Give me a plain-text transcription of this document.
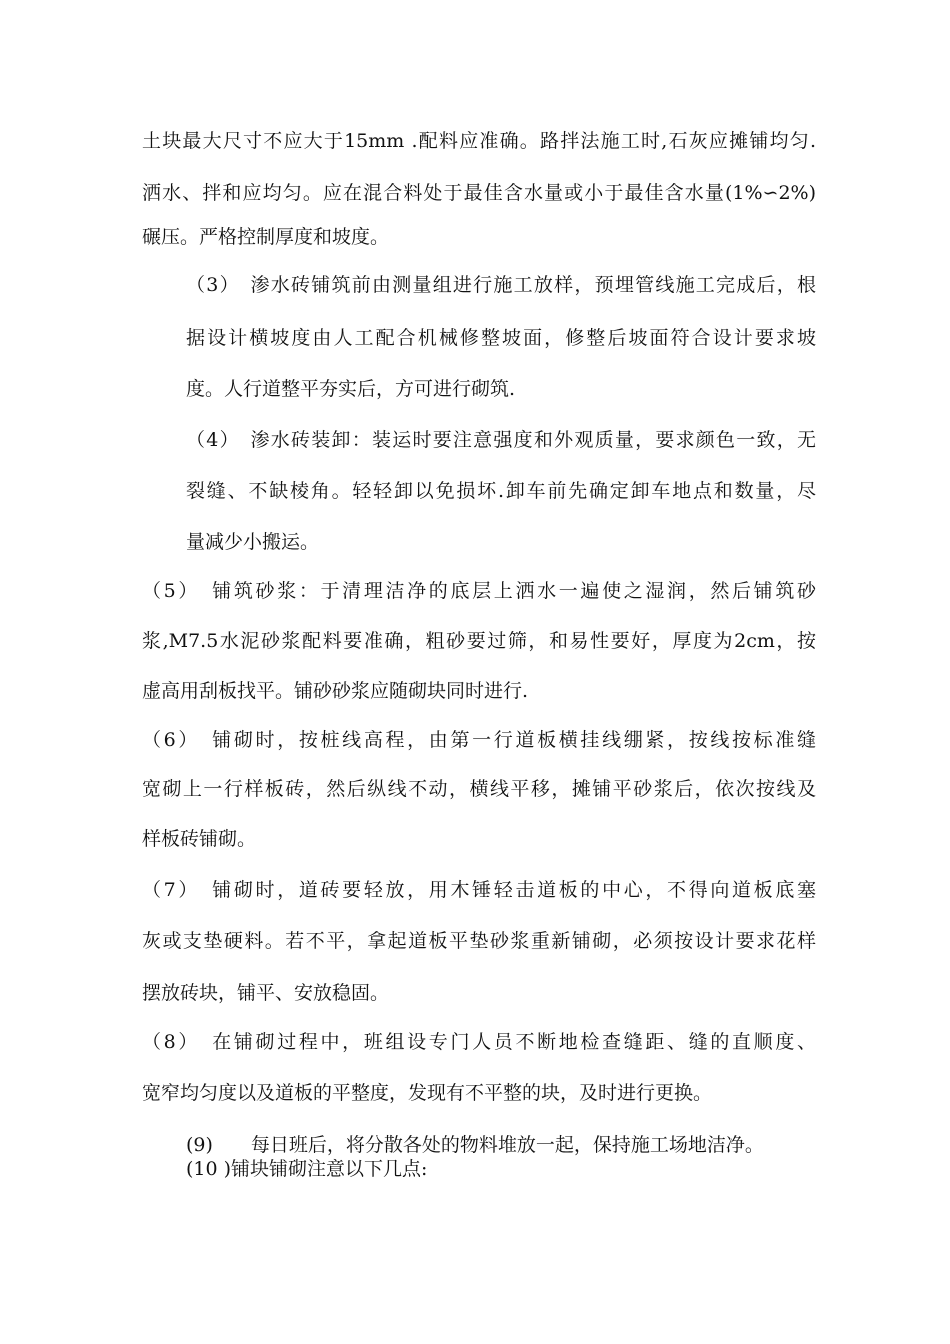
土块最大尺寸不应大于15mm .配料应准确。路拌法施工时,石灰应摊铺均匀.
洒水、拌和应均匀。应在混合料处于最佳含水量或小于最佳含水量(1%∽2%)
碾压。严格控制厚度和坡度。
（3）　渗水砖铺筑前由测量组进行施工放样，预埋管线施工完成后，根
据设计横坡度由人工配合机械修整坡面，修整后坡面符合设计要求坡
度。人行道整平夯实后，方可进行砌筑.
（4）　渗水砖装卸：装运时要注意强度和外观质量，要求颜色一致，无
裂缝、不缺棱角。轻轻卸以免损坏.卸车前先确定卸车地点和数量，尽
量减少小搬运。
（5）　铺筑砂浆：于清理洁净的底层上洒水一遍使之湿润，然后铺筑砂
浆,M7.5水泥砂浆配料要准确，粗砂要过筛，和易性要好，厚度为2cm，按
虚高用刮板找平。铺砂砂浆应随砌块同时进行.
（6）　铺砌时，按桩线高程，由第一行道板横挂线绷紧，按线按标准缝
宽砌上一行样板砖，然后纵线不动，横线平移，摊铺平砂浆后，依次按线及
样板砖铺砌。
（7）　铺砌时，道砖要轻放，用木锤轻击道板的中心，不得向道板底塞
灰或支垫硬料。若不平，拿起道板平垫砂浆重新铺砌，必须按设计要求花样
摆放砖块，铺平、安放稳固。
（8）　在铺砌过程中，班组设专门人员不断地检查缝距、缝的直顺度、
宽窄均匀度以及道板的平整度，发现有不平整的块，及时进行更换。
(9)　　每日班后，将分散各处的物料堆放一起，保持施工场地洁净。
(10 )铺块铺砌注意以下几点:
